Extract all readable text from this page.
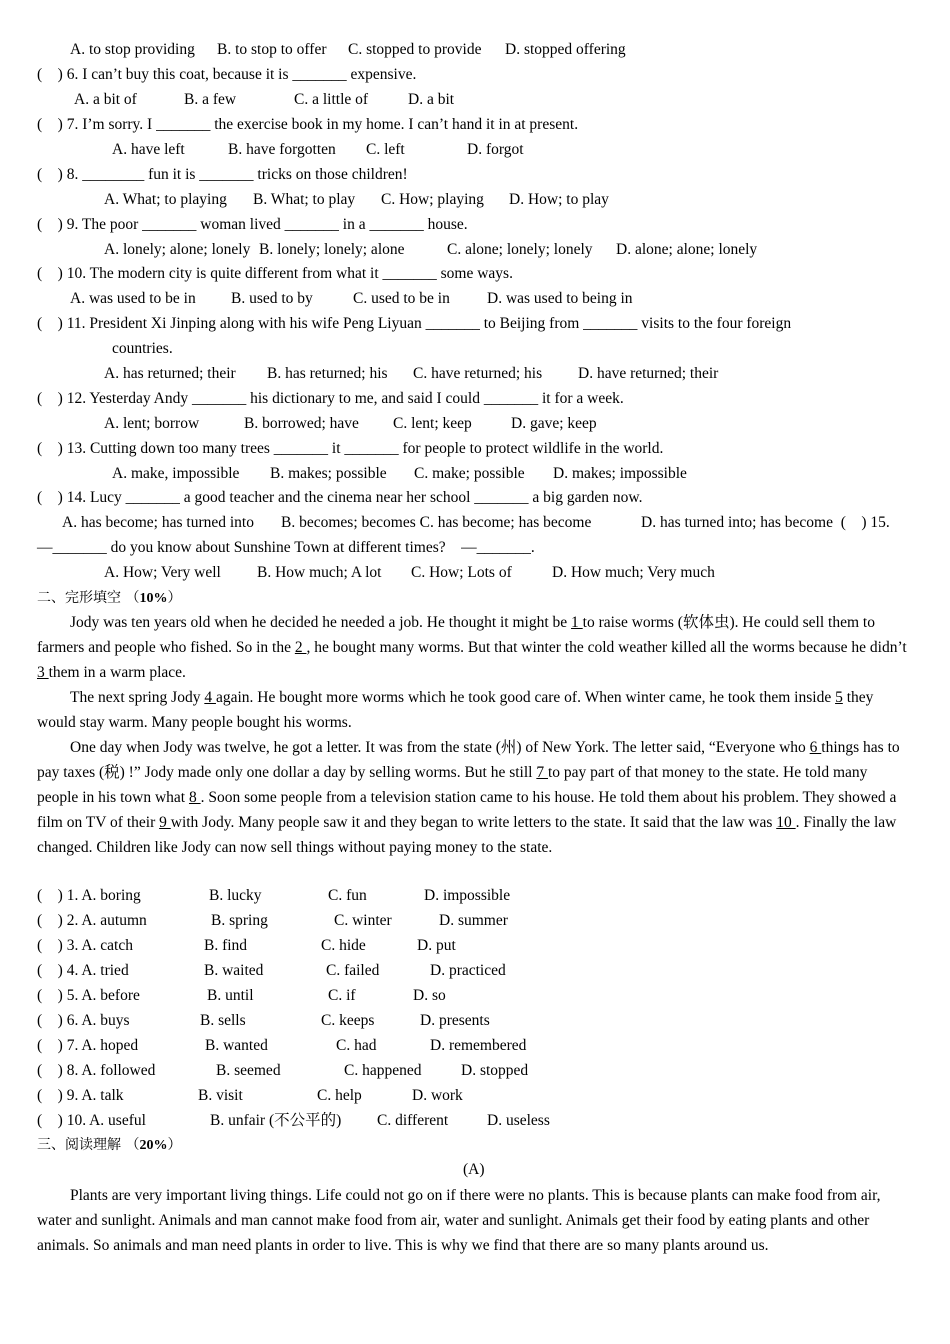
A. to stop providing B. to stop to offer C. stopped to provide D. stopped offering
(    ) 6. I can’t buy this coat, because it is _______ expensive.
A. a bit of	B. a few	C. a little of	D. a bit
(    ) 7. I’m sorry. I _______ the exercise book in my home. I can’t hand it in at present.
A. have left	B. have forgotten C. left	D. forgot
(    ) 8. ________ fun it is _______ tricks on those children!
A. What; to playing B. What; to play C. How; playing D. How; to play
(    ) 9. The poor _______ woman lived _______ in a _______ house.
A. lonely; alone; lonely B. lonely; lonely; alone	C. alone; lonely; lonely D. alone; alone; lonely
(    ) 10. The modern city is quite different from what it _______ some ways.
A. was used to be in B. used to by	C. used to be in D. was used to being in
(    ) 11. President Xi Jinping along with his wife Peng Liyuan _______ to Beijing from _______ visits to the four foreign
countries.
A. has returned; their B. has returned; his C. have returned; his D. have returned; their
(    ) 12. Yesterday Andy _______ his dictionary to me, and said I could _______ it for a week.
A. lent; borrow	B. borrowed; have C. lent; keep	D. gave; keep
(    ) 13. Cutting down too many trees _______ it _______ for people to protect wildlife in the world.
A. make, impossible B. makes; possible C. make; possible D. makes; impossible
(    ) 14. Lucy _______ a good teacher and the cinema near her school _______ a big garden now.
A. has become; has turned into B. becomes; becomes C. has become; has become	D. has turned into; has become  (    ) 15.
—_______ do you know about Sunshine Town at different times?    —_______.
A. How; Very well B. How much; A lot C. How; Lots of	D. How much; Very much
二、完形填空 （10%）

Jody was ten years old when he decided he needed a job. He thought it might be 1 to raise worms (软体虫). He could sell them to farmers and people who fished. So in the 2 , he bought many worms. But that winter the cold weather killed all the worms because he didn’t 3 them in a warm place.

The next spring Jody 4 again. He bought more worms which he took good care of. When winter came, he took them inside 5 they would stay warm. Many people bought his worms.

One day when Jody was twelve, he got a letter. It was from the state (州) of New York. The letter said, “Everyone who 6 things has to pay taxes (税) !” Jody made only one dollar a day by selling worms. But he still 7 to pay part of that money to the state. He told many people in his town what 8 . Soon some people from a television station came to his house. He told them about his problem. They showed a film on TV of their 9 with Jody. Many people saw it and they began to write letters to the state. It said that the law was 10 . Finally the law changed. Children like Jody can now sell things without paying money to the state.

(    ) 1. A. boring	B. lucky	C. fun	D. impossible
(    ) 2. A. autumn	B. spring	C. winter	D. summer
(    ) 3. A. catch	B. find	C. hide	D. put
(    ) 4. A. tried	B. waited	C. failed	D. practiced
(    ) 5. A. before	B. until	C. if	D. so
(    ) 6. A. buys	B. sells	C. keeps	D. presents
(    ) 7. A. hoped	B. wanted	C. had	D. remembered
(    ) 8. A. followed	B. seemed	C. happened	D. stopped
(    ) 9. A. talk	B. visit	C. help	D. work
(    ) 10. A. useful	B. unfair (不公平的) C. different	D. useless
三、阅读理解 （20%）
(A)

Plants are very important living things. Life could not go on if there were no plants. This is because plants can make food from air, water and sunlight. Animals and man cannot make food from air, water and sunlight. Animals get their food by eating plants and other animals. So animals and man need plants in order to live. This is why we find that there are so many plants around us.
